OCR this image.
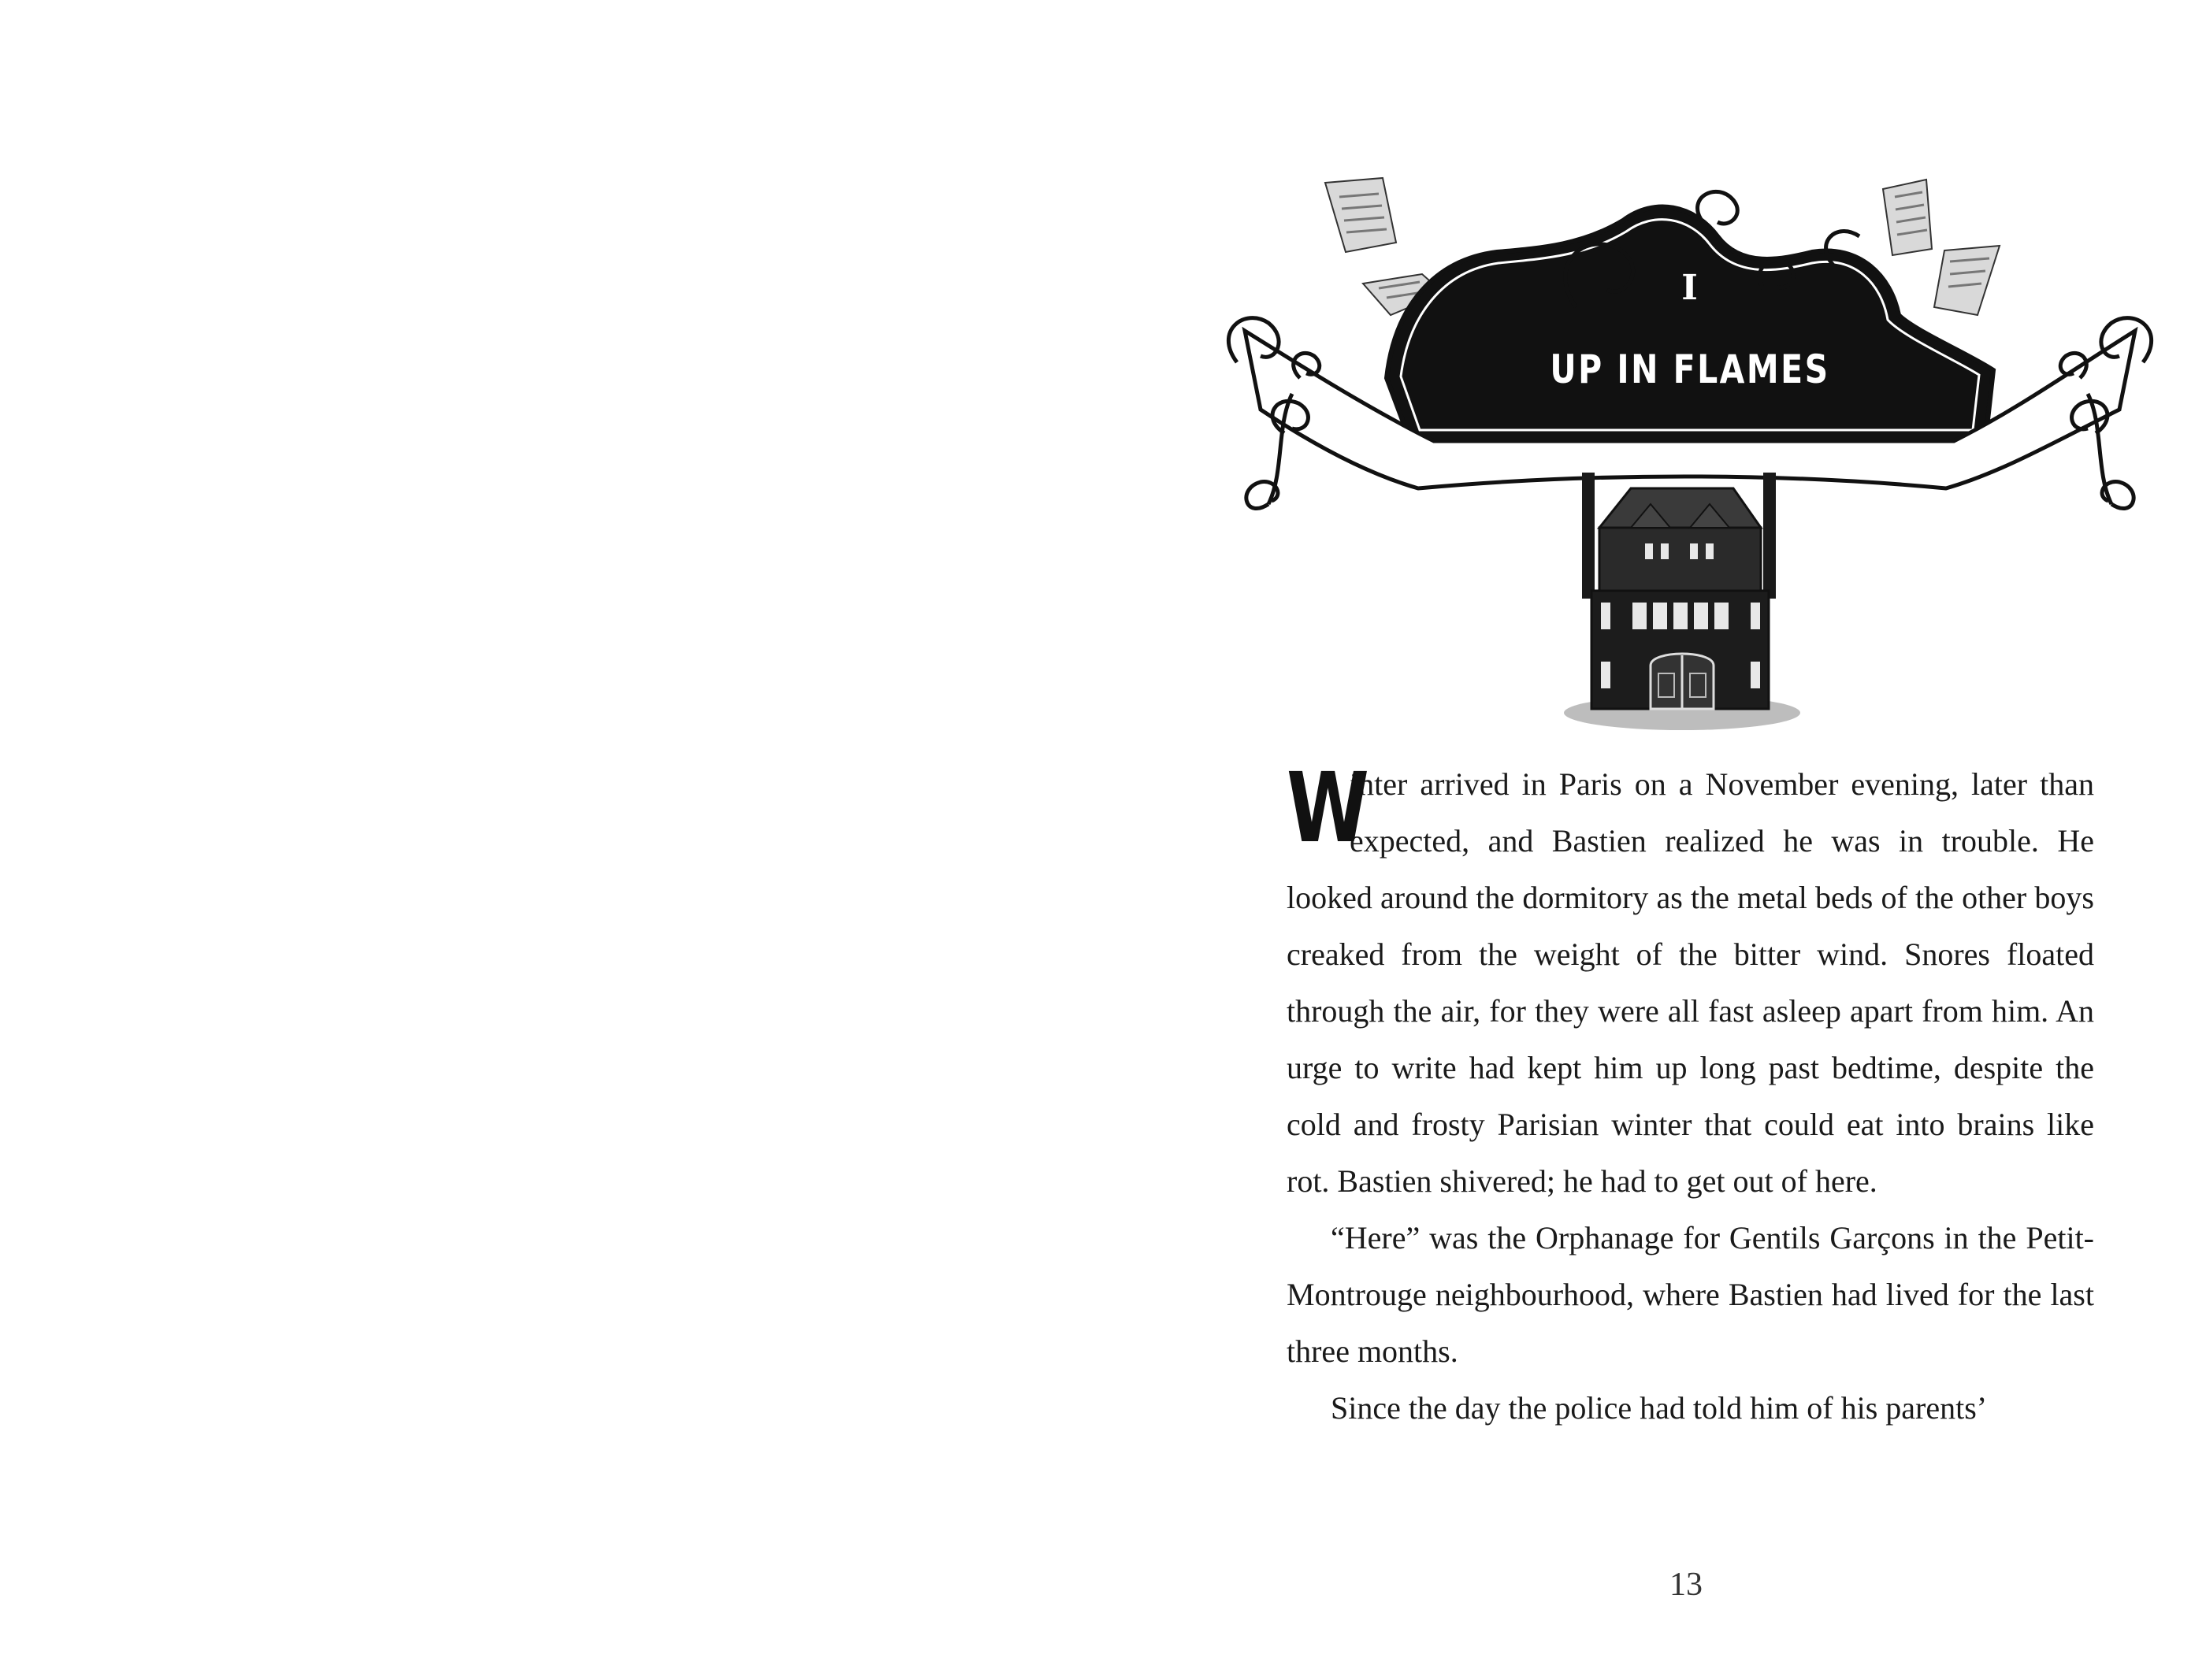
I
UP IN FLAMES

W
inter arrived in Paris on a November evening, later than expected, and Bastien realized he was in trouble. He looked around the dormitory as the metal beds of the other boys creaked from the weight of the bitter wind. Snores floated through the air, for they were all fast asleep apart from him. An urge to write had kept him up long past bedtime, despite the cold and frosty Parisian winter that could eat into brains like rot. Bastien shivered; he had to get out of here.

“Here” was the Orphanage for Gentils Garçons in the Petit-Montrouge neighbourhood, where Bastien had lived for the last three months.

Since the day the police had told him of his parents’

13
